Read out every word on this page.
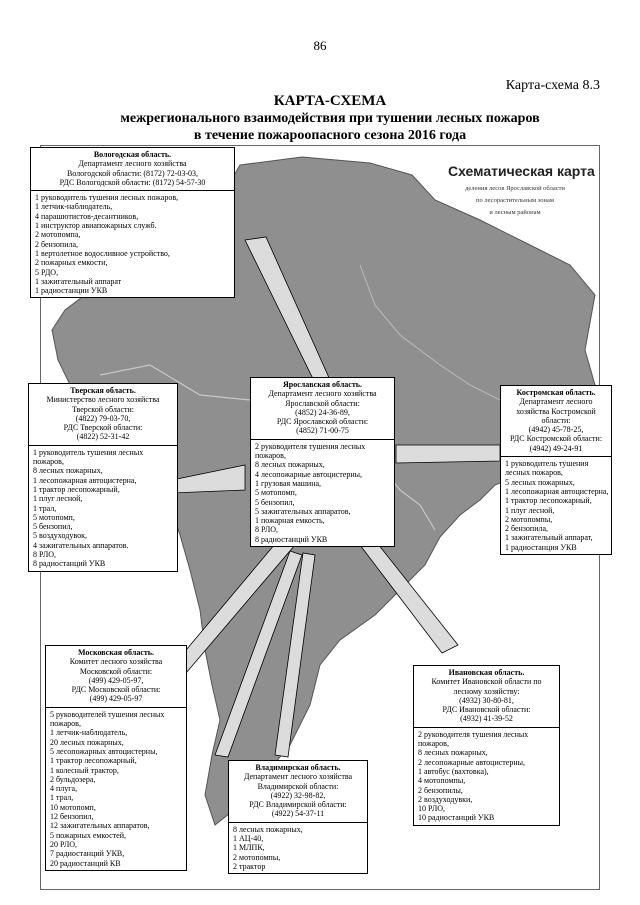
86
Карта-схема 8.3
КАРТА-СХЕМА
межрегионального взаимодействия при тушении лесных пожаров
в течение пожароопасного сезона 2016 года
Схематическая карта
деления лесов Ярославской области
по лесорастительным зонам
и лесным районам
Вологодская область.
Департамент лесного хозяйства
Вологодской области: (8172) 72-03-03,
РДС Вологодской области: (8172) 54-57-30
1 руководитель тушения лесных пожаров,
1 летчик-наблюдатель,
4 парашютистов-десантников,
1 инструктор авиапожарных служб.
2 мотопомпа,
2 бензопила,
1 вертолетное водосливное устройство,
2 пожарных емкости,
5 РДО,
1 зажигательный аппарат
1 радиостанции УКВ
Тверская область.
Министерство лесного хозяйства
Тверской области:
(4822) 79-03-70,
РДС Тверской области:
(4822) 52-31-42
1 руководитель тушения лесных
пожаров,
8 лесных пожарных,
1 лесопожарная автоцистерна,
1 трактор лесопожарный,
1 плуг лесной,
1 трал,
5 мотопомп,
5 бензопил,
5 воздуходувок,
4 зажигательных аппаратов.
8 РЛО,
8 радиостанций УКВ
Ярославская область.
Департамент лесного хозяйства
Ярославской области:
(4852) 24-36-89,
РДС Ярославской области:
(4852) 71-00-75
2 руководителя тушения лесных
пожаров,
8 лесных пожарных,
4 лесопожарные автоцистерны,
1 грузовая машина,
5 мотопомп,
5 бензопил,
5 зажигательных аппаратов,
1 пожарная емкость,
8 РЛО,
8 радиостанций УКВ
Костромская область.
Департамент лесного
хозяйства Костромской
области:
(4942) 45-78-25,
РДС Костромской области:
(4942) 49-24-91
1 руководитель тушения
лесных пожаров,
5 лесных пожарных,
1 лесопожарная автоцистерна,
1 трактор лесопожарный,
1 плуг лесной,
2 мотопомпы,
2 бензопила,
1 зажигательный аппарат,
1 радиостанция УКВ
Московская область.
Комитет лесного хозяйства
Московской области:
(499) 429-05-97,
РДС Московской области:
(499) 429-05-97
5 руководителей тушения лесных
пожаров,
1 летчик-наблюдатель,
20 лесных пожарных,
5 лесопожарных автоцистерны,
1 трактор лесопожарный,
1 колесный трактор,
2 бульдозера,
4 плуга,
1 трал,
10 мотопомп,
12 бензопил,
12 зажигательных аппаратов,
5 пожарных емкостей,
20 РЛО,
7 радиостанций УКВ,
20 радиостанций КВ
Владимирская область.
Департамент лесного хозяйства
Владимирской области:
(4922) 32-98-82,
РДС Владимирской области:
(4922) 54-37-11
8 лесных пожарных,
1 АЦ-40,
1 МЛПК,
2 мотопомпы,
2 трактор
Ивановская область.
Комитет Ивановской области по
лесному хозяйству:
(4932) 30-80-81,
РДС Ивановской области:
(4932) 41-39-52
2 руководителя тушения лесных
пожаров,
8 лесных пожарных,
2 лесопожарные автоцистерны,
1 автобус (вахтовка),
4 мотопомпы,
2 бензопилы,
2 воздуходувки,
10 РЛО,
10 радиостанций УКВ
